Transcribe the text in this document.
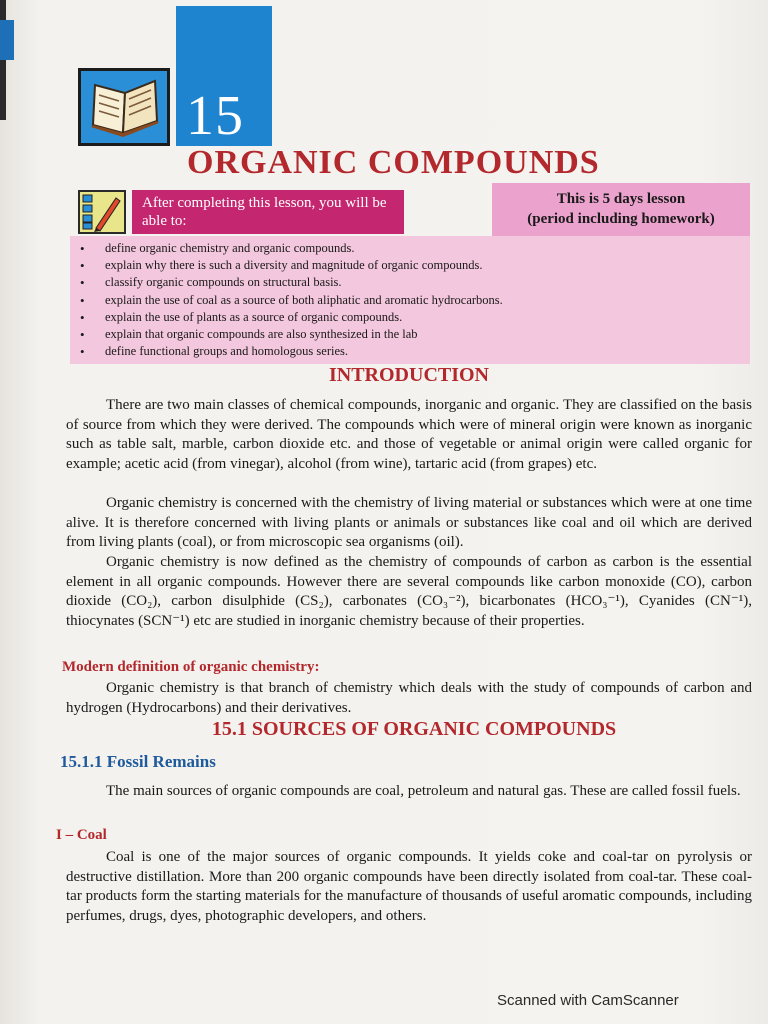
15
ORGANIC COMPOUNDS
After completing this lesson, you will be able to:
This is 5 days lesson
(period including homework)
• define organic chemistry and organic compounds.
• explain why there is such a diversity and magnitude of organic compounds.
• classify organic compounds on structural basis.
• explain the use of coal as a source of both aliphatic and aromatic hydrocarbons.
• explain the use of plants as a source of organic compounds.
• explain that organic compounds are also synthesized in the lab
• define functional groups and homologous series.
INTRODUCTION

There are two main classes of chemical compounds, inorganic and organic. They are classified on the basis of source from which they were derived. The compounds which were of mineral origin were known as inorganic such as table salt, marble, carbon dioxide etc. and those of vegetable or animal origin were called organic for example; acetic acid (from vinegar), alcohol (from wine), tartaric acid (from grapes) etc.

Organic chemistry is concerned with the chemistry of living material or substances which were at one time alive. It is therefore concerned with living plants or animals or substances like coal and oil which are derived from living plants (coal), or from microscopic sea organisms (oil).

Organic chemistry is now defined as the chemistry of compounds of carbon as carbon is the essential element in all organic compounds. However there are several compounds like carbon monoxide (CO), carbon dioxide (CO₂), carbon disulphide (CS₂), carbonates (CO₃⁻²), bicarbonates (HCO₃⁻¹), Cyanides (CN⁻¹), thiocynates (SCN⁻¹) etc are studied in inorganic chemistry because of their properties.

Modern definition of organic chemistry:

Organic chemistry is that branch of chemistry which deals with the study of compounds of carbon and hydrogen (Hydrocarbons) and their derivatives.

15.1 SOURCES OF ORGANIC COMPOUNDS
15.1.1 Fossil Remains

The main sources of organic compounds are coal, petroleum and natural gas. These are called fossil fuels.

I – Coal

Coal is one of the major sources of organic compounds. It yields coke and coal-tar on pyrolysis or destructive distillation. More than 200 organic compounds have been directly isolated from coal-tar. These coal-tar products form the starting materials for the manufacture of thousands of useful aromatic compounds, including perfumes, drugs, dyes, photographic developers, and others.

Scanned with CamScanner
